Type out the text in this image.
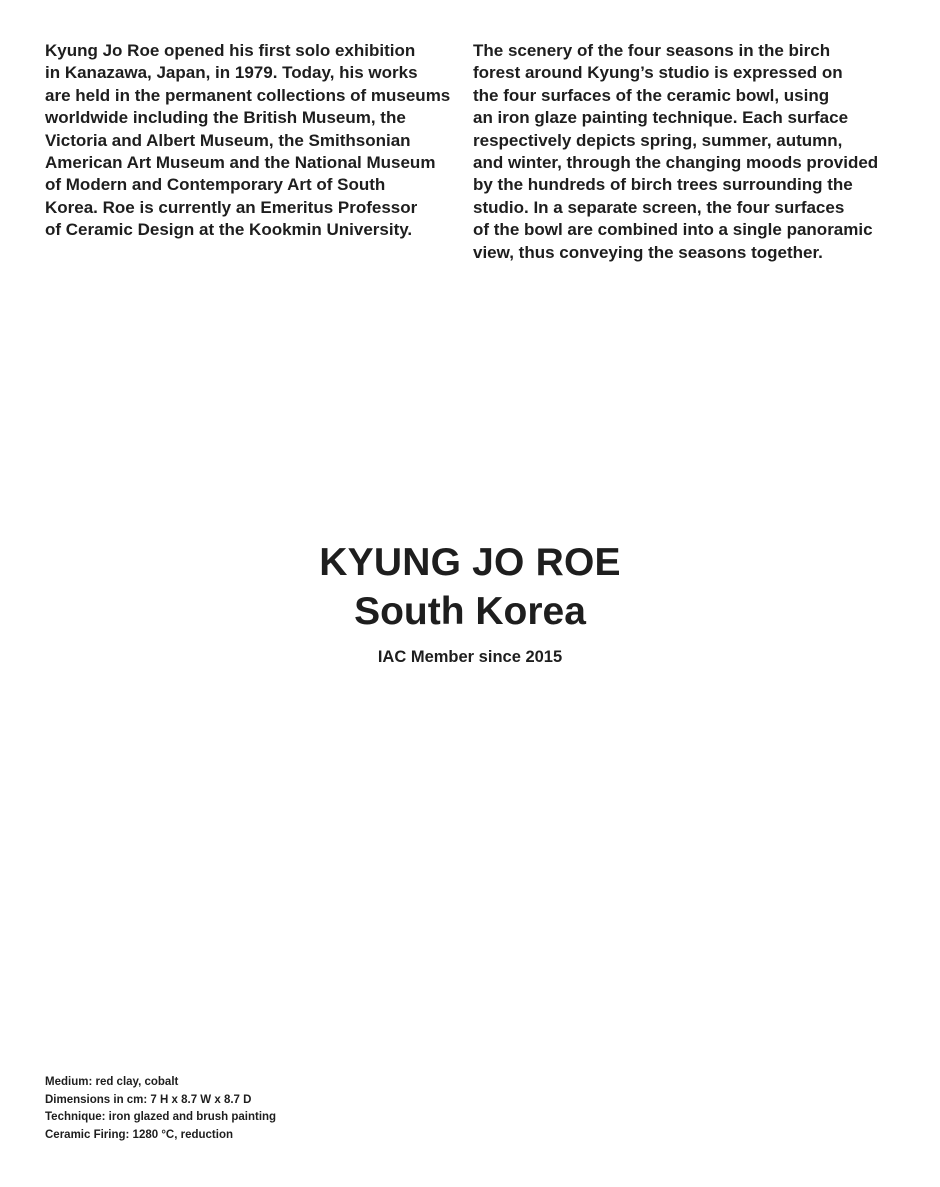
Kyung Jo Roe opened his first solo exhibition
in Kanazawa, Japan, in 1979. Today, his works
are held in the permanent collections of museums
worldwide including the British Museum, the
Victoria and Albert Museum, the Smithsonian
American Art Museum and the National Museum
of Modern and Contemporary Art of South
Korea. Roe is currently an Emeritus Professor
of Ceramic Design at the Kookmin University.
The scenery of the four seasons in the birch
forest around Kyung’s studio is expressed on
the four surfaces of the ceramic bowl, using
an iron glaze painting technique. Each surface
respectively depicts spring, summer, autumn,
and winter, through the changing moods provided
by the hundreds of birch trees surrounding the
studio. In a separate screen, the four surfaces
of the bowl are combined into a single panoramic
view, thus conveying the seasons together.
KYUNG JO ROE
South Korea

IAC Member since 2015

Medium: red clay, cobalt
Dimensions in cm: 7 H x 8.7 W x 8.7 D
Technique: iron glazed and brush painting
Ceramic Firing: 1280 °C, reduction
